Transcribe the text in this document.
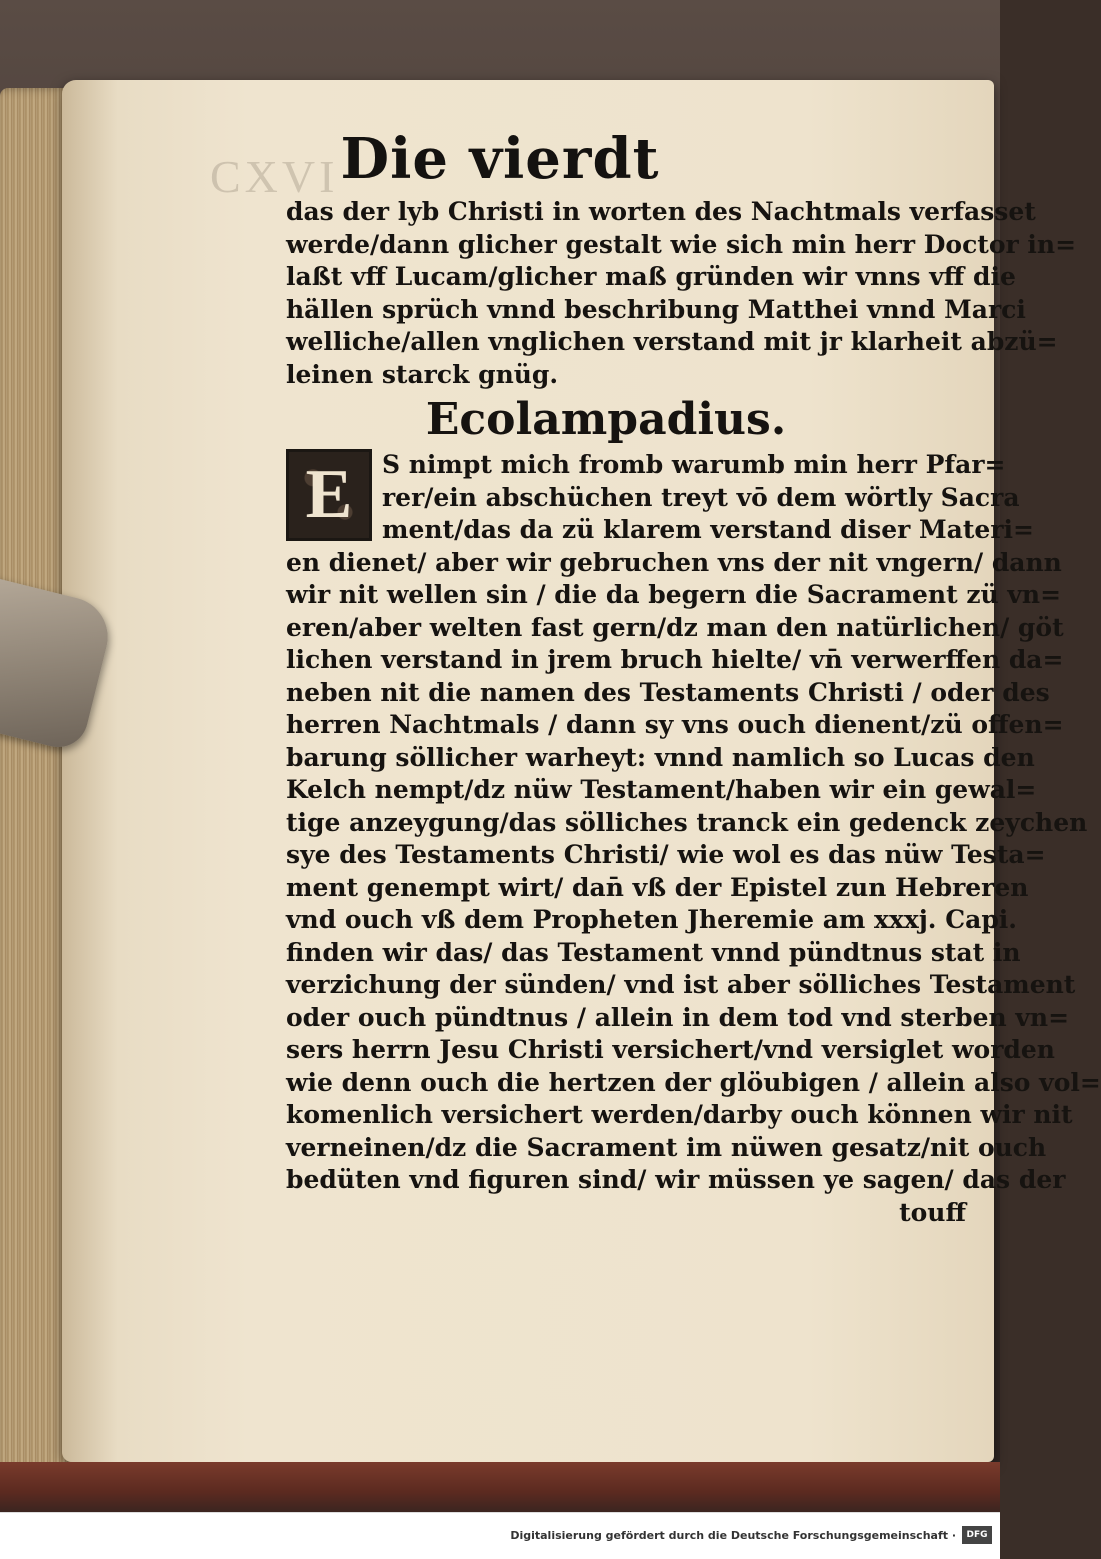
CXVI Die vierdt
das der lyb Christi in worten des Nachtmals verfasset
werde/dann glicher gestalt wie sich min herr Doctor in=
laßt vff Lucam/glicher maß gründen wir vnns vff die
hällen sprüch vnnd beschribung Matthei vnnd Marci
welliche/allen vnglichen verstand mit jr klarheit abzü=
leinen starck gnüg.
Ecolampadius.
E	S nimpt mich fromb warumb min herr Pfar=
rer/ein abschüchen treyt vō dem wörtly Sacra
ment/das da zü klarem verstand diser Materi=
en dienet/ aber wir gebruchen vns der nit vngern/ dann
wir nit wellen sin / die da begern die Sacrament zü vn=
eren/aber welten fast gern/dz man den natürlichen/ göt
lichen verstand in jrem bruch hielte/ vn̄ verwerffen da=
neben nit die namen des Testaments Christi / oder des
herren Nachtmals / dann sy vns ouch dienent/zü offen=
barung söllicher warheyt: vnnd namlich so Lucas den
Kelch nempt/dz nüw Testament/haben wir ein gewal=
tige anzeygung/das sölliches tranck ein gedenck zeychen
sye des Testaments Christi/ wie wol es das nüw Testa=
ment genempt wirt/ dan̄ vß der Epistel zun Hebreren
vnd ouch vß dem Propheten Jheremie am xxxj. Capi.
finden wir das/ das Testament vnnd pündtnus stat in
verzichung der sünden/ vnd ist aber sölliches Testament
oder ouch pündtnus / allein in dem tod vnd sterben vn=
sers herrn Jesu Christi versichert/vnd versiglet worden
wie denn ouch die hertzen der glöubigen / allein also vol=
komenlich versichert werden/darby ouch können wir nit
verneinen/dz die Sacrament im nüwen gesatz/nit ouch
bedüten vnd figuren sind/ wir müssen ye sagen/ das der
touff
Digitalisierung gefördert durch die Deutsche Forschungsgemeinschaft ·	DFG
